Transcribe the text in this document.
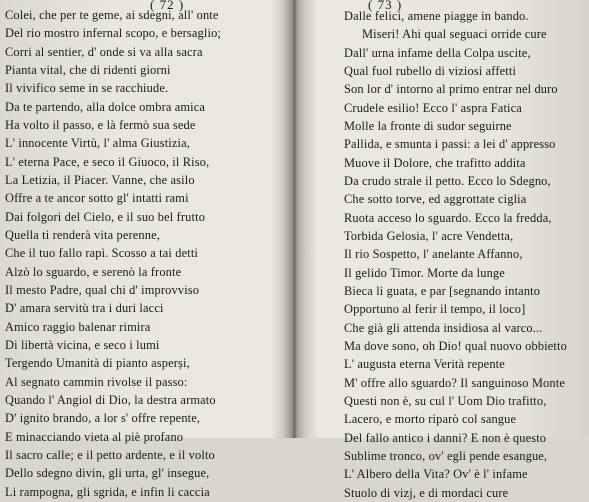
( 72 )
Colei, che per te geme, ai sdegni, all' onte
Del rio mostro infernal scopo, e bersaglio;
Corri al sentier, d' onde si va alla sacra
Pianta vital, che di ridenti giorni
Il vivifico seme in se racchiude.
Da te partendo, alla dolce ombra amica
Ha volto il passo, e là fermò sua sede
L' innocente Virtù, l' alma Giustizia,
L' eterna Pace, e seco il Giuoco, il Riso,
La Letizia, il Piacer. Vanne, che asilo
Offre a te ancor sotto gl' intatti rami
Dai folgori del Cielo, e il suo bel frutto
Quella ti renderà vita perenne,
Che il tuo fallo rapì. Scosso a tai detti
Alzò lo sguardo, e serenò la fronte
Il mesto Padre, qual chi d' improvviso
D' amara servitù tra i duri lacci
Amico raggio balenar rimira
Di libertà vicina, e seco i lumi
Tergendo Umanità di pianto asperși,
Al segnato cammin rivolse il passo:
Quando l' Angiol di Dio, la destra armato
D' ignito brando, a lor s' offre repente,
E minacciando vieta al piè profano
Il sacro calle; e il petto ardente, e il volto
Dello sdegno divin, gli urta, gl' insegue,
Li rampogna, gli sgrida, e infin li caccia
( 73 )
Dalle felici, amene piagge in bando.
Miseri! Ahi qual seguaci orride cure
Dall' urna infame della Colpa uscite,
Qual fuol rubello di viziosi affetti
Son lor d' intorno al primo entrar nel duro
Crudele esilio! Ecco l' aspra Fatica
Molle la fronte di sudor seguirne
Pallida, e smunta i passi: a lei d' appresso
Muove il Dolore, che trafitto addita
Da crudo strale il petto. Ecco lo Sdegno,
Che sotto torve, ed aggrottate ciglia
Ruota acceso lo sguardo. Ecco la fredda,
Torbida Gelosia, l' acre Vendetta,
Il rio Sospetto, l' anelante Affanno,
Il gelido Timor. Morte da lunge
Bieca li guata, e par [segnando intanto
Opportuno al ferir il tempo, il loco]
Che già gli attenda insidiosa al varco...
Ma dove sono, oh Dio! qual nuovo obbietto
L' augusta eterna Verità repente
M' offre allo sguardo? Il sanguinoso Monte
Questi non è, su cul l' Uom Dio trafitto,
Lacero, e morto riparò col sangue
Del fallo antico i danni? E non è questo
Sublime tronco, ov' egli pende esangue,
L' Albero della Vita? Ov' è l' infame
Stuolo di vizj, e di mordaci cure
